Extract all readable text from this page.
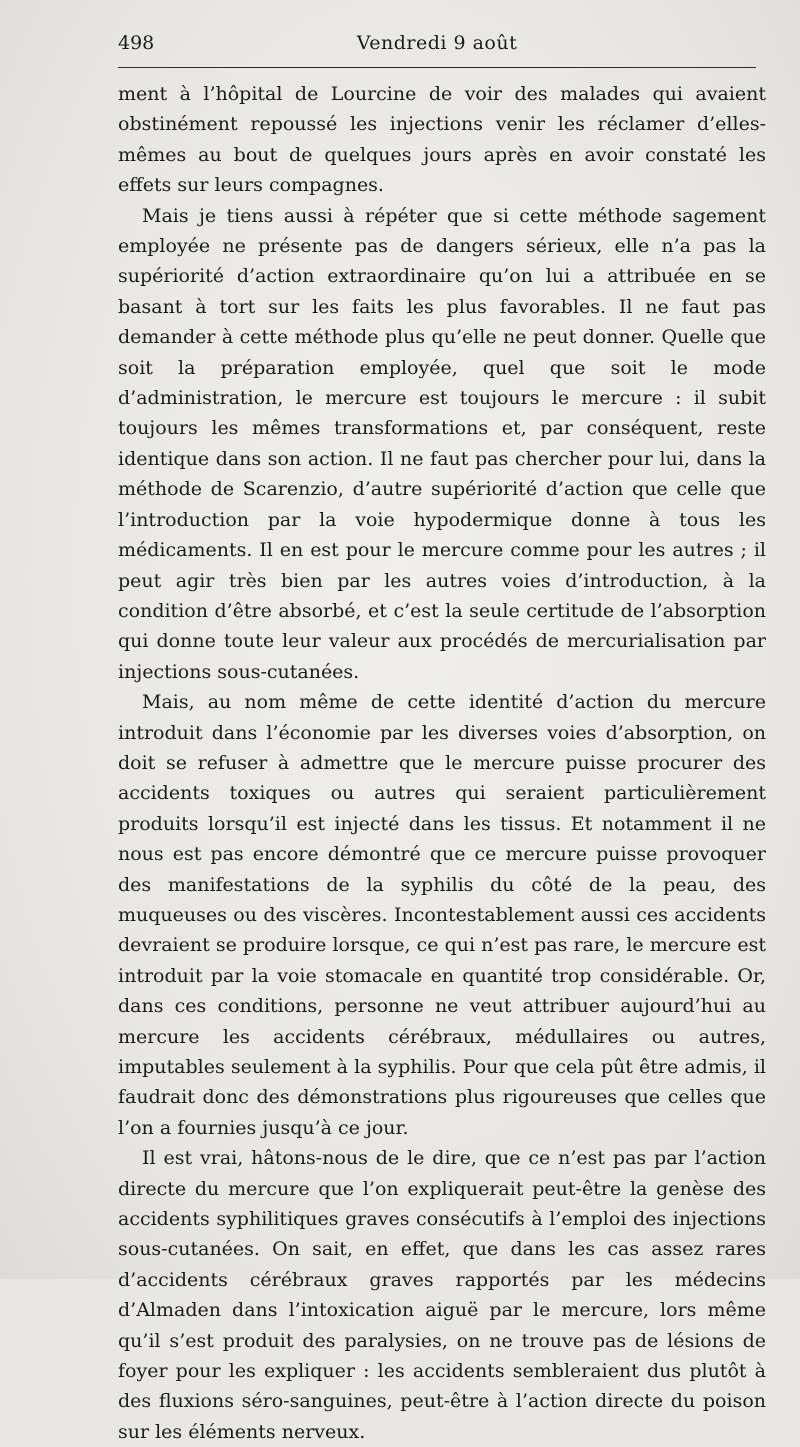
498	Vendredi 9 août

ment à l’hôpital de Lourcine de voir des malades qui avaient obstinément repoussé les injections venir les réclamer d’elles-mêmes au bout de quelques jours après en avoir constaté les effets sur leurs compagnes.

Mais je tiens aussi à répéter que si cette méthode sagement employée ne présente pas de dangers sérieux, elle n’a pas la supériorité d’action extraordinaire qu’on lui a attribuée en se basant à tort sur les faits les plus favorables. Il ne faut pas demander à cette méthode plus qu’elle ne peut donner. Quelle que soit la préparation employée, quel que soit le mode d’administration, le mercure est toujours le mercure : il subit toujours les mêmes transformations et, par conséquent, reste identique dans son action. Il ne faut pas chercher pour lui, dans la méthode de Scarenzio, d’autre supériorité d’action que celle que l’introduction par la voie hypodermique donne à tous les médicaments. Il en est pour le mercure comme pour les autres ; il peut agir très bien par les autres voies d’introduction, à la condition d’être absorbé, et c’est la seule certitude de l’absorption qui donne toute leur valeur aux procédés de mercurialisation par injections sous-cutanées.

Mais, au nom même de cette identité d’action du mercure introduit dans l’économie par les diverses voies d’absorption, on doit se refuser à admettre que le mercure puisse procurer des accidents toxiques ou autres qui seraient particulièrement produits lorsqu’il est injecté dans les tissus. Et notamment il ne nous est pas encore démontré que ce mercure puisse provoquer des manifestations de la syphilis du côté de la peau, des muqueuses ou des viscères. Incontestablement aussi ces accidents devraient se produire lorsque, ce qui n’est pas rare, le mercure est introduit par la voie stomacale en quantité trop considérable. Or, dans ces conditions, personne ne veut attribuer aujourd’hui au mercure les accidents cérébraux, médullaires ou autres, imputables seulement à la syphilis. Pour que cela pût être admis, il faudrait donc des démonstrations plus rigoureuses que celles que l’on a fournies jusqu’à ce jour.

Il est vrai, hâtons-nous de le dire, que ce n’est pas par l’action directe du mercure que l’on expliquerait peut-être la genèse des accidents syphilitiques graves consécutifs à l’emploi des injections sous-cutanées. On sait, en effet, que dans les cas assez rares d’accidents cérébraux graves rapportés par les médecins d’Almaden dans l’intoxication aiguë par le mercure, lors même qu’il s’est produit des paralysies, on ne trouve pas de lésions de foyer pour les expliquer : les accidents sembleraient dus plutôt à des fluxions séro-sanguines, peut-être à l’action directe du poison sur les éléments nerveux.
